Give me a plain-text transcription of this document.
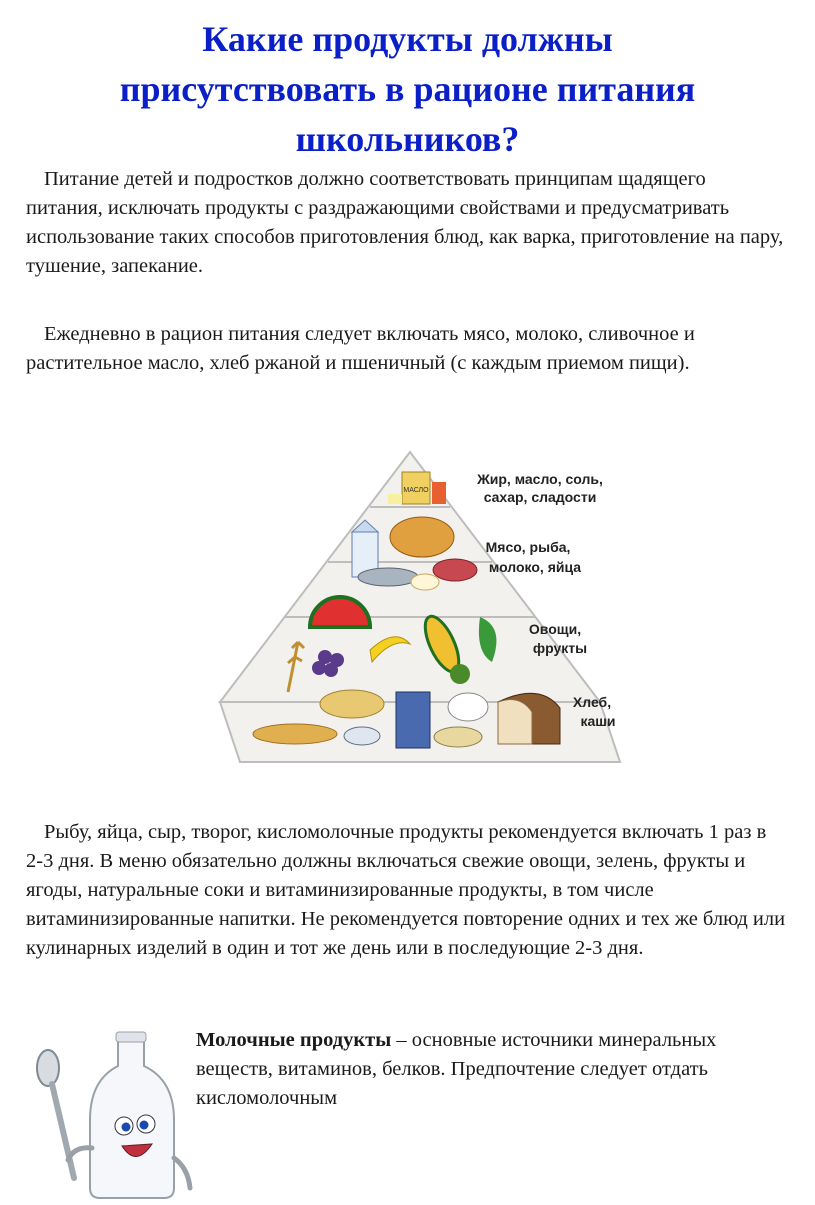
Какие продукты должны
присутствовать в рационе питания
школьников?

Питание детей и подростков должно соответствовать принципам щадящего питания, исключать продукты с раздражающими свойствами и предусматривать использование таких способов приготовления блюд, как варка, приготовление на пару, тушение, запекание.

Ежедневно в рацион питания следует включать мясо, молоко, сливочное и растительное масло, хлеб ржаной и пшеничный (с каждым приемом пищи).

МАСЛО
Жир, масло, соль,
сахар, сладости
Мясо, рыба,
молоко, яйца
Овощи,
фрукты
Хлеб,
каши

Рыбу, яйца, сыр, творог, кисломолочные продукты рекомендуется включать 1 раз в 2-3 дня. В меню обязательно должны включаться свежие овощи, зелень, фрукты и ягоды, натуральные соки и витаминизированные продукты, в том числе витаминизированные напитки. Не рекомендуется повторение одних и тех же блюд или кулинарных изделий в один и тот же день или в последующие 2-3 дня.

Молочные продукты – основные источники минеральных веществ, витаминов, белков. Предпочтение следует отдать кисломолочным
